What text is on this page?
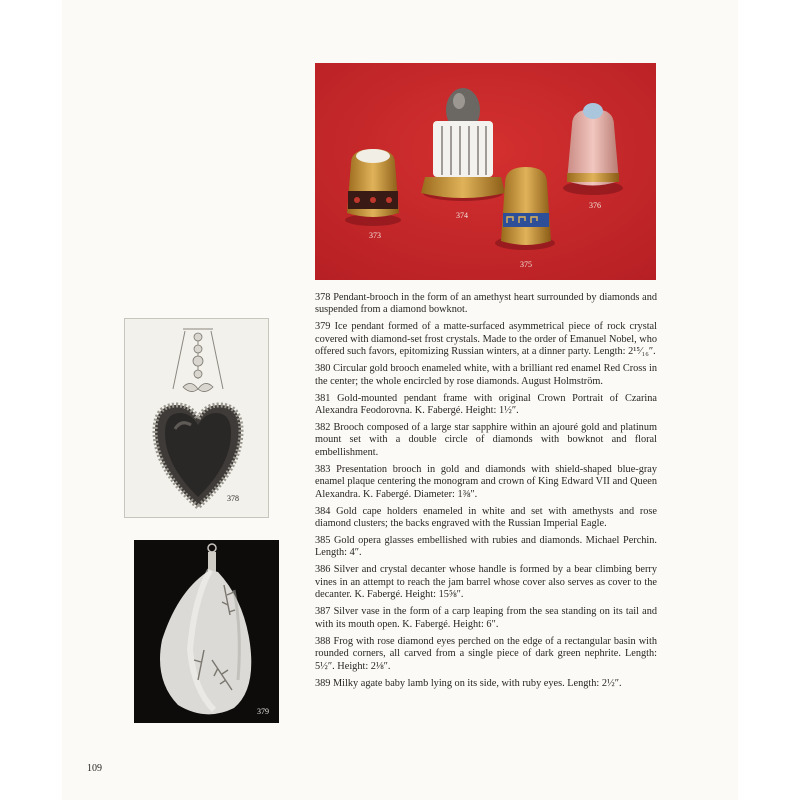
373
374
375
376
378
379

378 Pendant-brooch in the form of an amethyst heart surrounded by diamonds and suspended from a diamond bowknot.

379 Ice pendant formed of a matte-surfaced asymmetrical piece of rock crystal covered with diamond-set frost crystals. Made to the order of Emanuel Nobel, who offered such favors, epitomizing Russian winters, at a dinner party. Length: 2¹⁵⁄₁₆″.

380 Circular gold brooch enameled white, with a brilliant red enamel Red Cross in the center; the whole encircled by rose diamonds. August Holmström.

381 Gold-mounted pendant frame with original Crown Portrait of Czarina Alexandra Feodorovna. K. Fabergé. Height: 1½″.

382 Brooch composed of a large star sapphire within an ajouré gold and platinum mount set with a double circle of diamonds with bowknot and floral embellishment.

383 Presentation brooch in gold and diamonds with shield-shaped blue-gray enamel plaque centering the monogram and crown of King Edward VII and Queen Alexandra. K. Fabergé. Diameter: 1⅜″.

384 Gold cape holders enameled in white and set with amethysts and rose diamond clusters; the backs engraved with the Russian Imperial Eagle.

385 Gold opera glasses embellished with rubies and diamonds. Michael Perchin. Length: 4″.

386 Silver and crystal decanter whose handle is formed by a bear climbing berry vines in an attempt to reach the jam barrel whose cover also serves as cover to the decanter. K. Fabergé. Height: 15⅝″.

387 Silver vase in the form of a carp leaping from the sea standing on its tail and with its mouth open. K. Fabergé. Height: 6″.

388 Frog with rose diamond eyes perched on the edge of a rectangular basin with rounded corners, all carved from a single piece of dark green nephrite. Length: 5½″. Height: 2⅛″.

389 Milky agate baby lamb lying on its side, with ruby eyes. Length: 2½″.

109
